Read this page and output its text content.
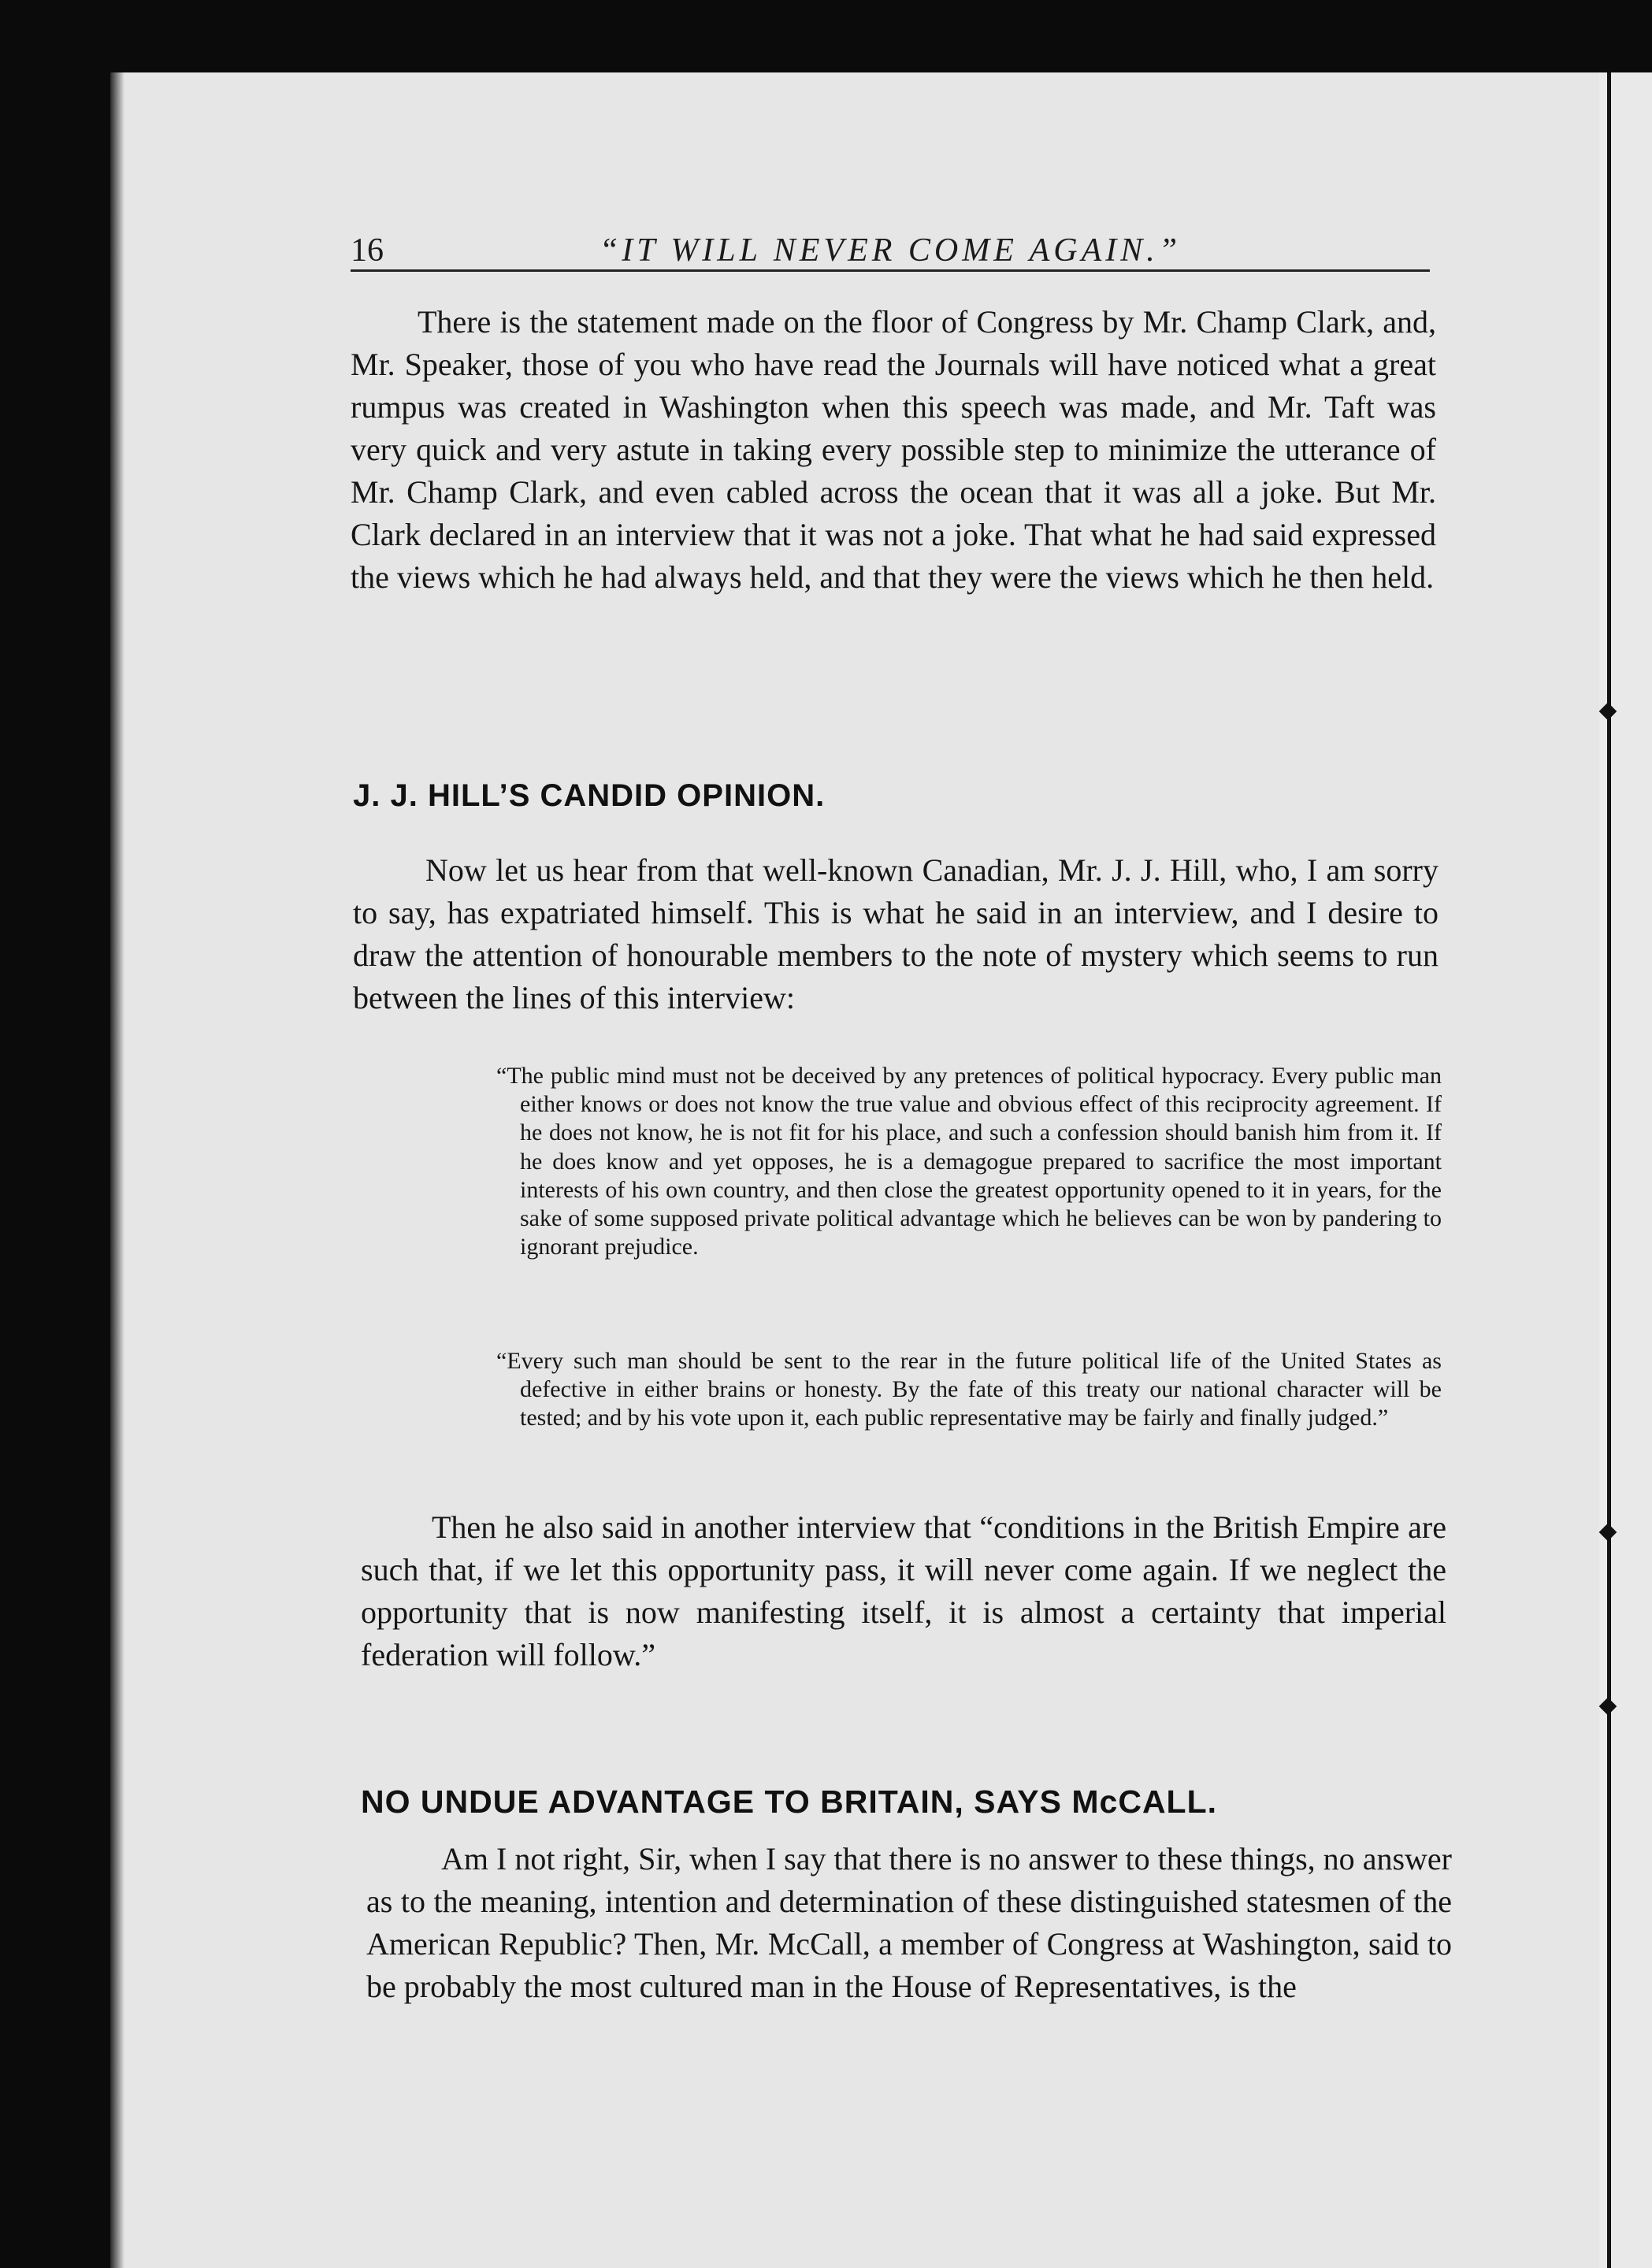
16	“IT WILL NEVER COME AGAIN.”

There is the statement made on the floor of Congress by Mr. Champ Clark, and, Mr. Speaker, those of you who have read the Journals will have noticed what a great rumpus was created in Washington when this speech was made, and Mr. Taft was very quick and very astute in taking every possible step to minimize the utterance of Mr. Champ Clark, and even cabled across the ocean that it was all a joke. But Mr. Clark declared in an interview that it was not a joke. That what he had said expressed the views which he had always held, and that they were the views which he then held.

J. J. HILL’S CANDID OPINION.

Now let us hear from that well-known Canadian, Mr. J. J. Hill, who, I am sorry to say, has expatriated himself. This is what he said in an interview, and I desire to draw the attention of honourable members to the note of mystery which seems to run between the lines of this interview:

“The public mind must not be deceived by any pretences of political hypocracy. Every public man either knows or does not know the true value and obvious effect of this reciprocity agreement. If he does not know, he is not fit for his place, and such a confession should banish him from it. If he does know and yet opposes, he is a demagogue prepared to sacrifice the most important interests of his own country, and then close the greatest opportunity opened to it in years, for the sake of some supposed private political advantage which he believes can be won by pandering to ignorant prejudice.

“Every such man should be sent to the rear in the future political life of the United States as defective in either brains or honesty. By the fate of this treaty our national character will be tested; and by his vote upon it, each public representative may be fairly and finally judged.”

Then he also said in another interview that “conditions in the British Empire are such that, if we let this opportunity pass, it will never come again. If we neglect the opportunity that is now manifesting itself, it is almost a certainty that imperial federation will follow.”

NO UNDUE ADVANTAGE TO BRITAIN, SAYS McCALL.

Am I not right, Sir, when I say that there is no answer to these things, no answer as to the meaning, intention and determination of these distinguished statesmen of the American Republic? Then, Mr. McCall, a member of Congress at Washington, said to be probably the most cultured man in the House of Representatives, is the
